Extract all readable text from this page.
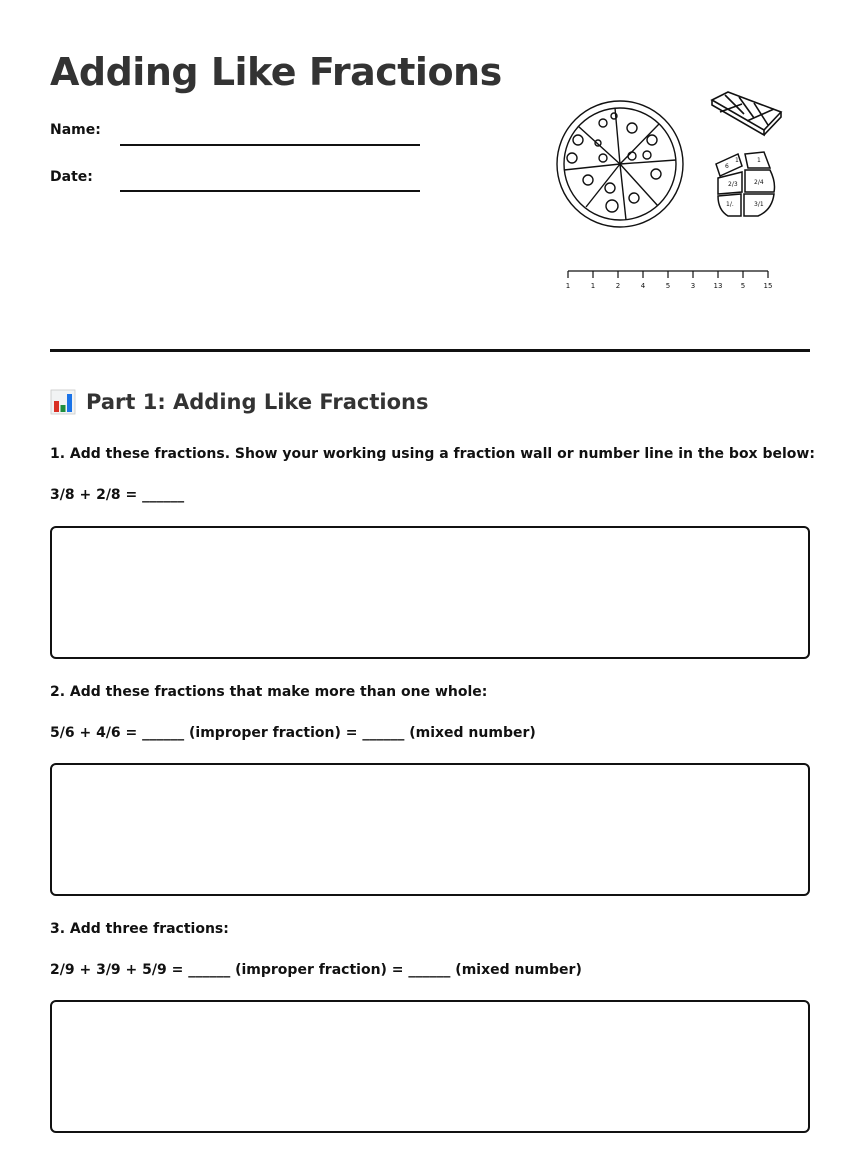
Adding Like Fractions
Name:
Date:
6
1	1
2/3	2/4
1/.	3/1
1	1	2	4	5	3	13	5	15
Part 1: Adding Like Fractions
1. Add these fractions. Show your working using a fraction wall or number line in the box below:
3/8 + 2/8 = ______
2. Add these fractions that make more than one whole:
5/6 + 4/6 = ______ (improper fraction) = ______ (mixed number)
3. Add three fractions:
2/9 + 3/9 + 5/9 = ______ (improper fraction) = ______ (mixed number)
